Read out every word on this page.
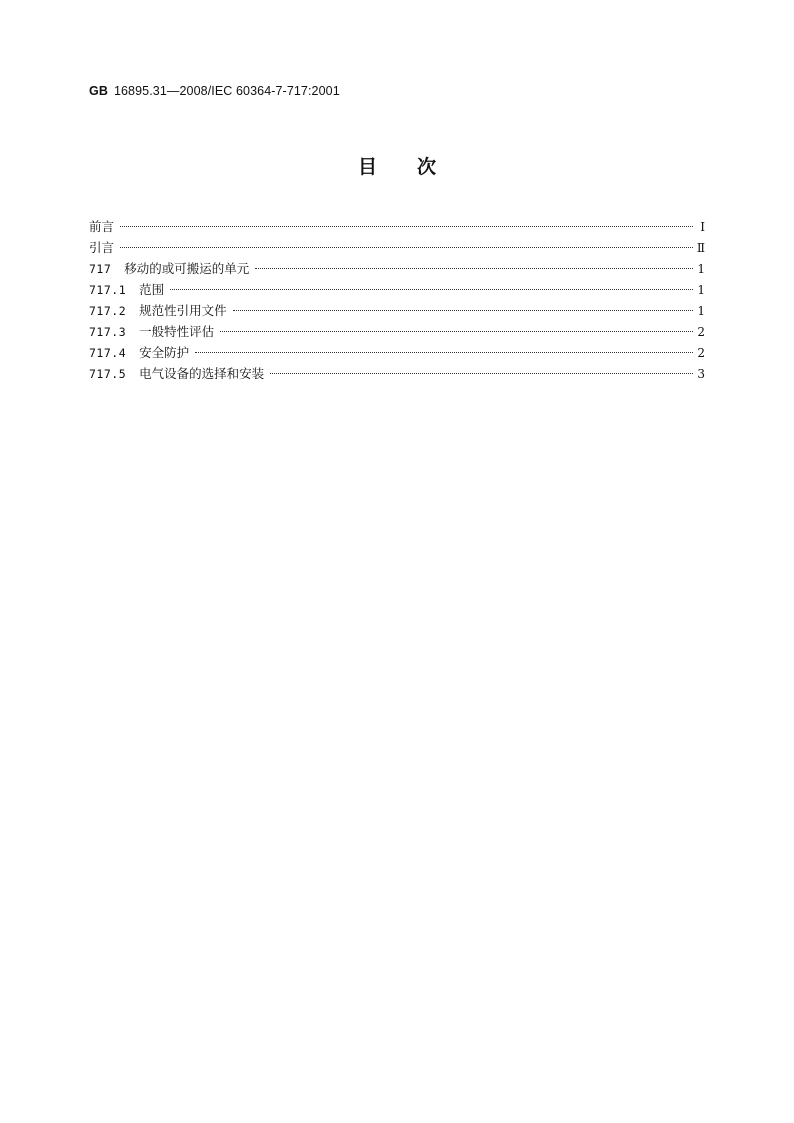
GB 16895.31—2008/IEC 60364-7-717:2001
目次
前言	Ⅰ
引言	Ⅱ
717 移动的或可搬运的单元	1
717.1 范围	1
717.2 规范性引用文件	1
717.3 一般特性评估	2
717.4 安全防护	2
717.5 电气设备的选择和安装	3
